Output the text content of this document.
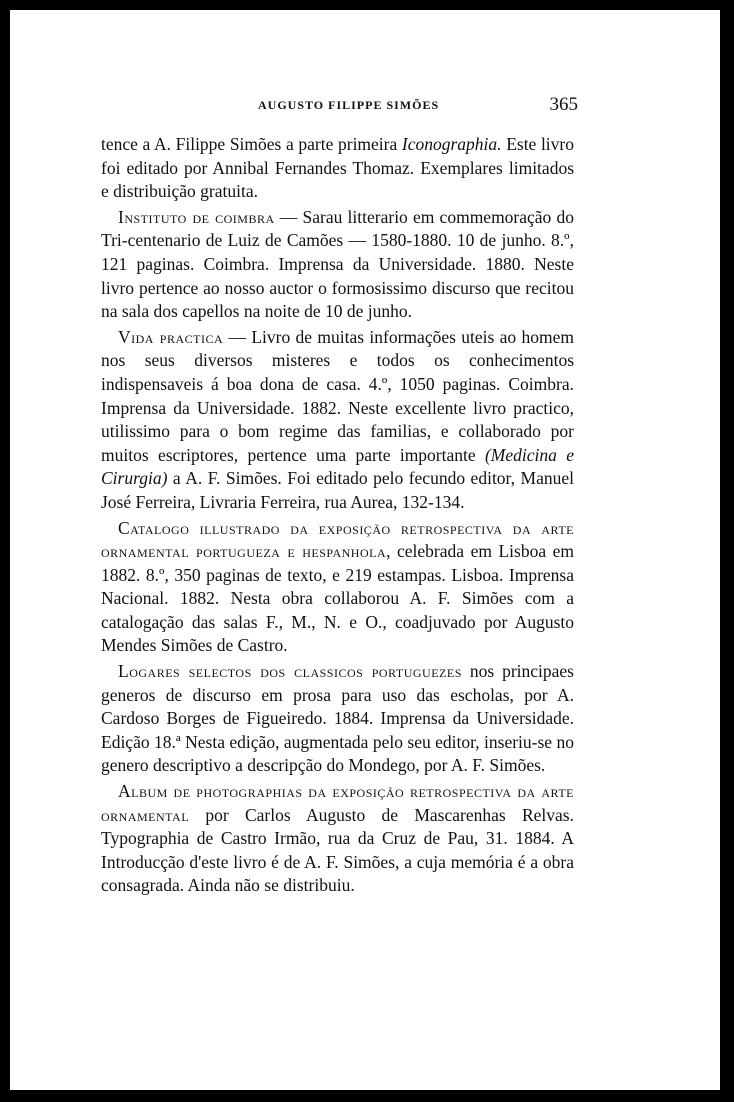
AUGUSTO FILIPPE SIMÕES	365

tence a A. Filippe Simões a parte primeira Iconographia. Este livro foi editado por Annibal Fernandes Thomaz. Exemplares limitados e distribuição gratuita.

Instituto de coimbra — Sarau litterario em commemoração do Tri-centenario de Luiz de Camões — 1580-1880. 10 de junho. 8.º, 121 paginas. Coimbra. Imprensa da Universidade. 1880. Neste livro pertence ao nosso auctor o formosissimo discurso que recitou na sala dos capellos na noite de 10 de junho.

Vida practica — Livro de muitas informações uteis ao homem nos seus diversos misteres e todos os conhecimentos indispensaveis á boa dona de casa. 4.º, 1050 paginas. Coimbra. Imprensa da Universidade. 1882. Neste excellente livro practico, utilissimo para o bom regime das familias, e collaborado por muitos escriptores, pertence uma parte importante (Medicina e Cirurgia) a A. F. Simões. Foi editado pelo fecundo editor, Manuel José Ferreira, Livraria Ferreira, rua Aurea, 132-134.

Catalogo illustrado da exposição retrospectiva da arte ornamental portugueza e hespanhola, celebrada em Lisboa em 1882. 8.º, 350 paginas de texto, e 219 estampas. Lisboa. Imprensa Nacional. 1882. Nesta obra collaborou A. F. Simões com a catalogação das salas F., M., N. e O., coadjuvado por Augusto Mendes Simões de Castro.

Logares selectos dos classicos portuguezes nos principaes generos de discurso em prosa para uso das escholas, por A. Cardoso Borges de Figueiredo. 1884. Imprensa da Universidade. Edição 18.ª Nesta edição, augmentada pelo seu editor, inseriu-se no genero descriptivo a descripção do Mondego, por A. F. Simões.

Album de photographias da exposição retrospectiva da arte ornamental por Carlos Augusto de Mascarenhas Relvas. Typographia de Castro Irmão, rua da Cruz de Pau, 31. 1884. A Introducção d'este livro é de A. F. Simões, a cuja memória é a obra consagrada. Ainda não se distribuiu.
